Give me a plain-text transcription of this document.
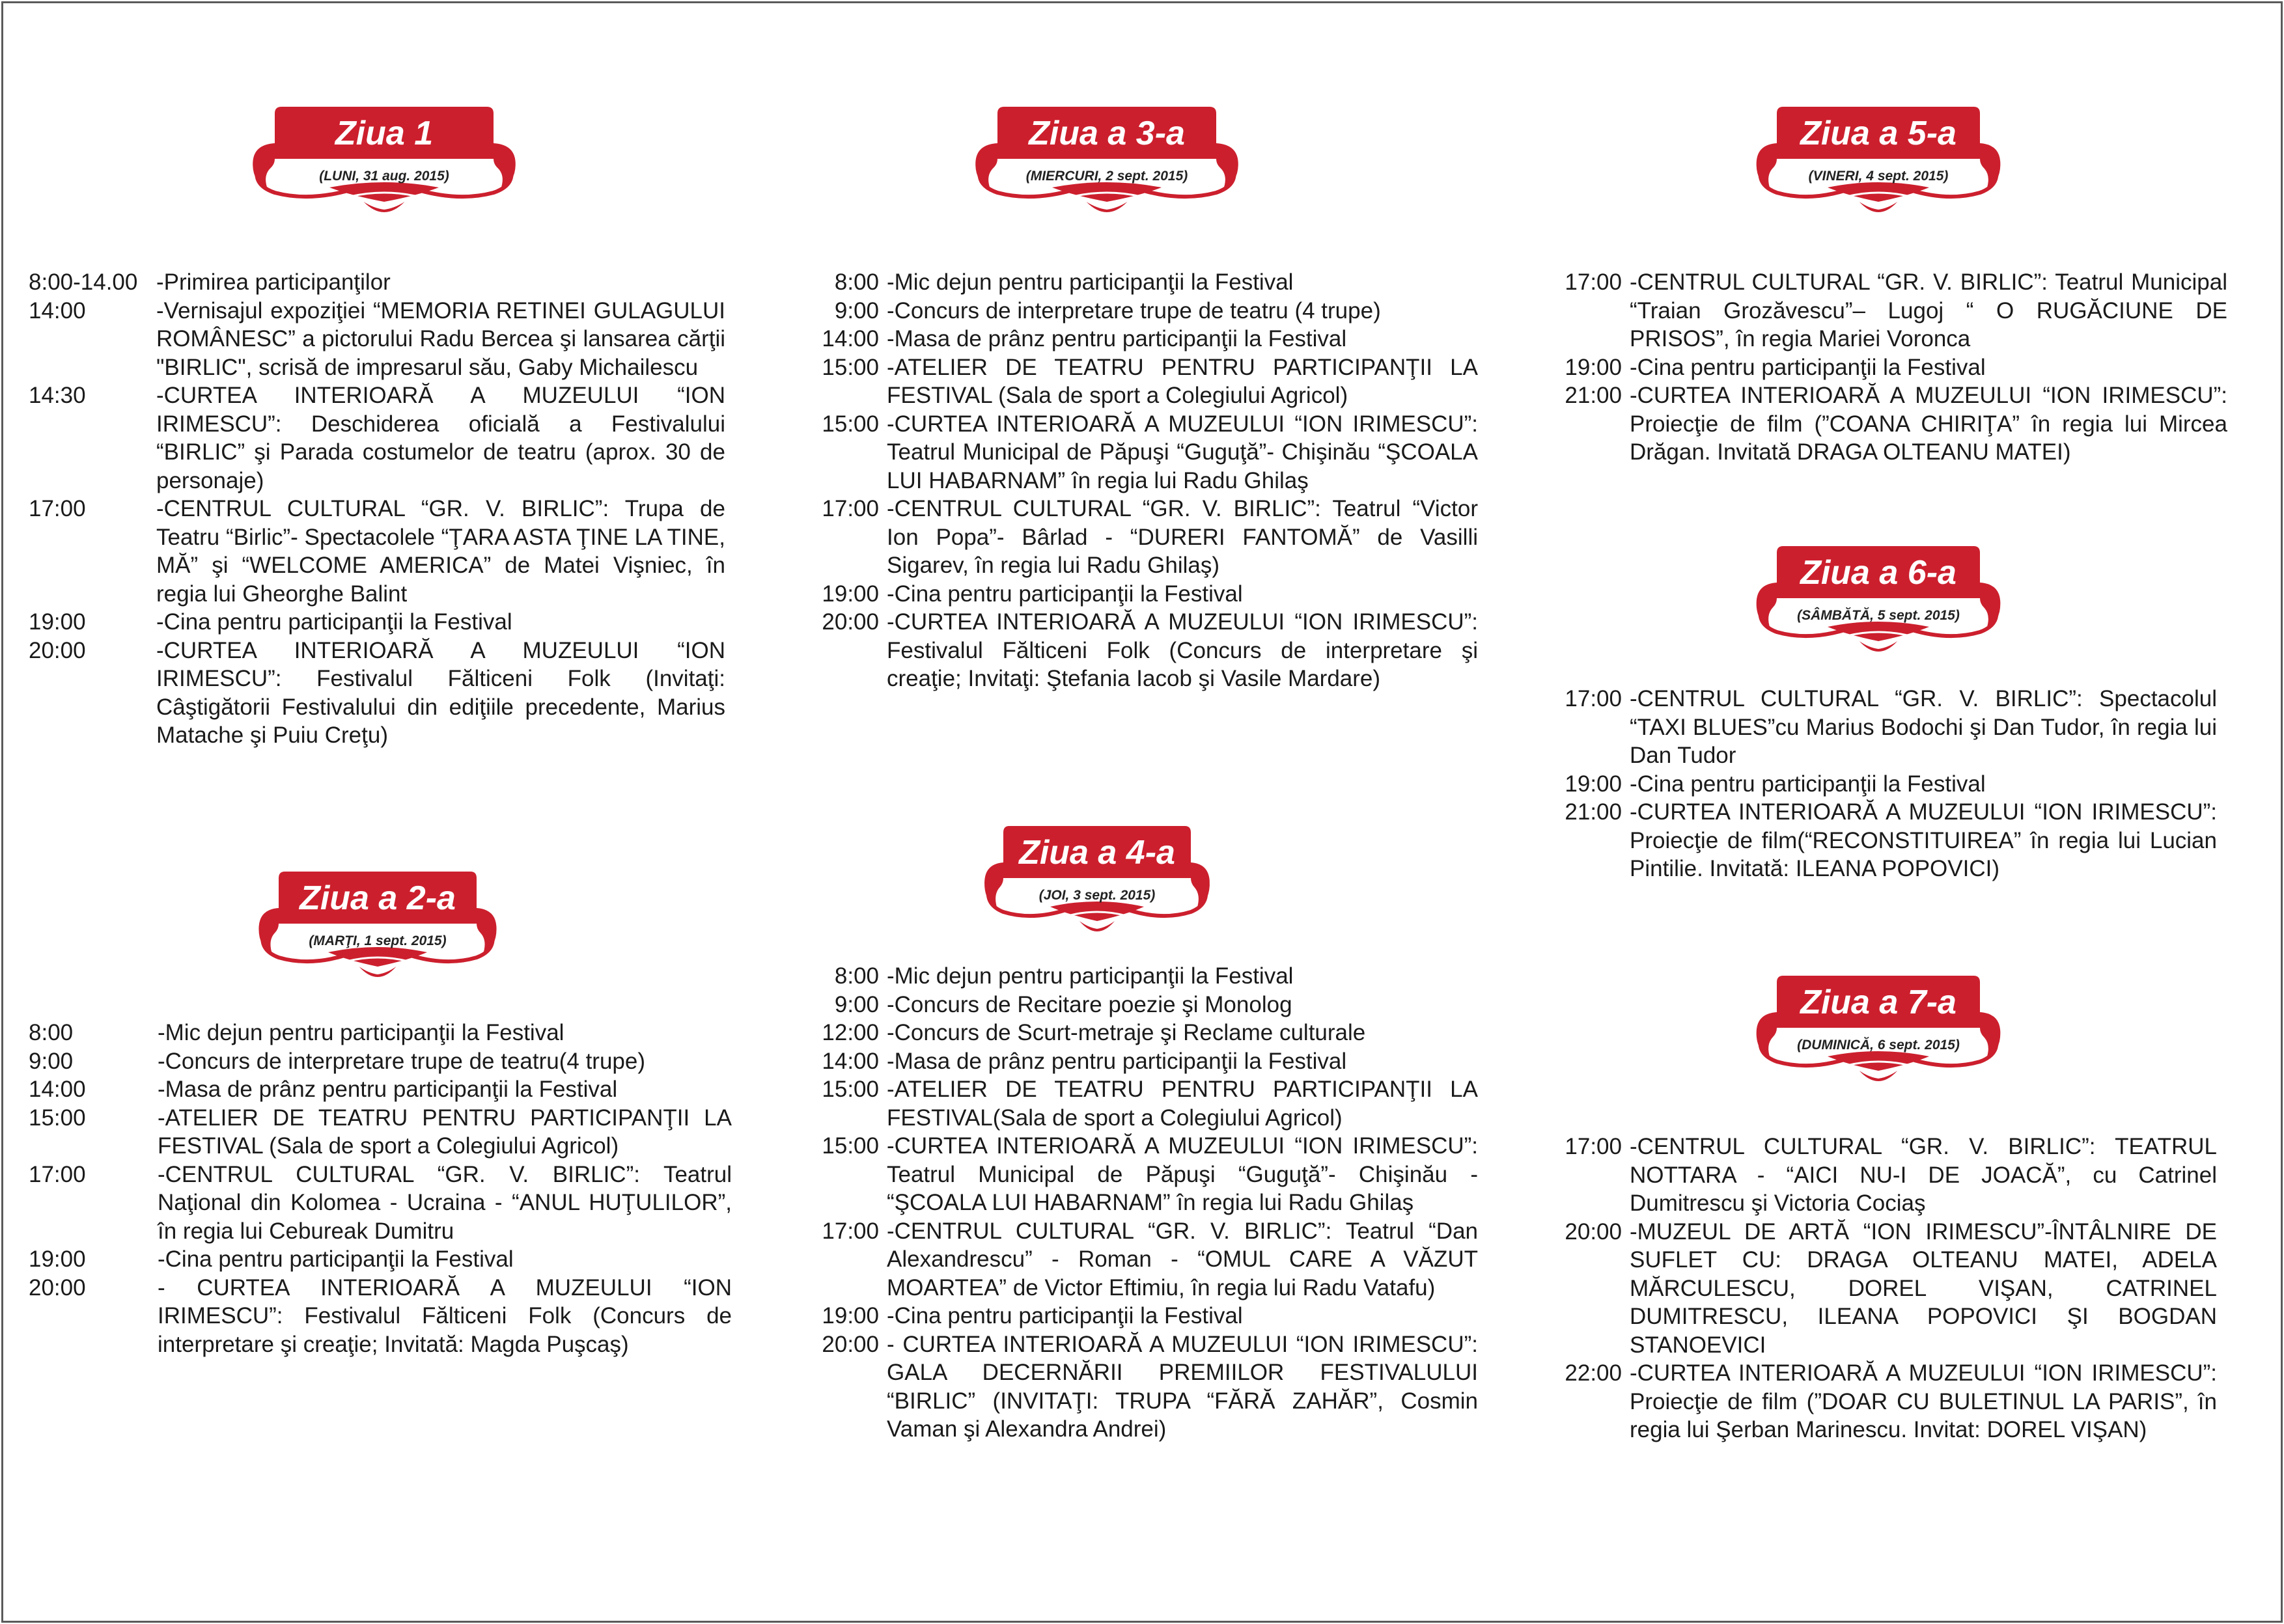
Ziua 1
(LUNI, 31 aug. 2015)
8:00-14.00 -Primirea participanţilor
14:00	-Vernisajul expoziţiei “MEMORIA RETINEI GULAGULUI ROMÂNESC” a pictorului Radu Bercea şi lansarea cărţii "BIRLIC", scrisă de impresarul său, Gaby Michailescu
14:30	-CURTEA INTERIOARĂ A MUZEULUI “ION IRIMESCU”: Deschiderea oficială a Festivalului “BIRLIC” şi Parada costumelor de teatru (aprox. 30 de personaje)
17:00	-CENTRUL CULTURAL “GR. V. BIRLIC”: Trupa de Teatru “Birlic”- Spectacolele “ŢARA ASTA ŢINE LA TINE, MĂ” şi “WELCOME AMERICA” de Matei Vişniec, în regia lui Gheorghe Balint
19:00	-Cina pentru participanţii la Festival
20:00	-CURTEA INTERIOARĂ A MUZEULUI “ION IRIMESCU”: Festivalul Fălticeni Folk (Invitaţi: Câştigătorii Festivalului din ediţiile precedente, Marius Matache şi Puiu Creţu)
Ziua a 2-a
(MARŢI, 1 sept. 2015)
8:00	-Mic dejun pentru participanţii la Festival
9:00	-Concurs de interpretare trupe de teatru(4 trupe)
14:00	-Masa de prânz pentru participanţii la Festival
15:00	-ATELIER DE TEATRU PENTRU PARTICIPANŢII LA FESTIVAL (Sala de sport a Colegiului Agricol)
17:00	-CENTRUL CULTURAL “GR. V. BIRLIC”: Teatrul Naţional din Kolomea - Ucraina - “ANUL HUŢULILOR”, în regia lui Cebureak Dumitru
19:00	-Cina pentru participanţii la Festival
20:00	- CURTEA INTERIOARĂ A MUZEULUI “ION IRIMESCU”: Festivalul Fălticeni Folk (Concurs de interpretare şi creaţie; Invitată: Magda Puşcaş)
Ziua a 3-a
(MIERCURI, 2 sept. 2015)
8:00 -Mic dejun pentru participanţii la Festival
9:00 -Concurs de interpretare trupe de teatru (4 trupe)
14:00 -Masa de prânz pentru participanţii la Festival
15:00 -ATELIER DE TEATRU PENTRU PARTICIPANŢII LA FESTIVAL (Sala de sport a Colegiului Agricol)
15:00 -CURTEA INTERIOARĂ A MUZEULUI “ION IRIMESCU”: Teatrul Municipal de Păpuşi “Guguţă”- Chişinău “ŞCOALA LUI HABARNAM” în regia lui Radu Ghilaş
17:00 -CENTRUL CULTURAL “GR. V. BIRLIC”: Teatrul “Victor Ion Popa”- Bârlad - “DURERI FANTOMĂ” de Vasilli Sigarev, în regia lui Radu Ghilaş)
19:00 -Cina pentru participanţii la Festival
20:00 -CURTEA INTERIOARĂ A MUZEULUI “ION IRIMESCU”: Festivalul Fălticeni Folk (Concurs de interpretare şi creaţie; Invitaţi: Ştefania Iacob şi Vasile Mardare)
Ziua a 4-a
(JOI, 3 sept. 2015)
8:00 -Mic dejun pentru participanţii la Festival
9:00 -Concurs de Recitare poezie şi Monolog
12:00 -Concurs de Scurt-metraje şi Reclame culturale
14:00 -Masa de prânz pentru participanţii la Festival
15:00 -ATELIER DE TEATRU PENTRU PARTICIPANŢII LA FESTIVAL(Sala de sport a Colegiului Agricol)
15:00 -CURTEA INTERIOARĂ A MUZEULUI “ION IRIMESCU”: Teatrul Municipal de Păpuşi “Guguţă”- Chişinău - “ŞCOALA LUI HABARNAM” în regia lui Radu Ghilaş
17:00 -CENTRUL CULTURAL “GR. V. BIRLIC”: Teatrul “Dan Alexandrescu” - Roman - “OMUL CARE A VĂZUT MOARTEA” de Victor Eftimiu, în regia lui Radu Vatafu)
19:00 -Cina pentru participanţii la Festival
20:00 - CURTEA INTERIOARĂ A MUZEULUI “ION IRIMESCU”: GALA DECERNĂRII PREMIILOR FESTIVALULUI “BIRLIC” (INVITAŢI: TRUPA “FĂRĂ ZAHĂR”, Cosmin Vaman şi Alexandra Andrei)
Ziua a 5-a
(VINERI, 4 sept. 2015)
17:00 -CENTRUL CULTURAL “GR. V. BIRLIC”: Teatrul Municipal “Traian Grozăvescu”– Lugoj “ O RUGĂCIUNE DE PRISOS”, în regia Mariei Voronca
19:00 -Cina pentru participanţii la Festival
21:00 -CURTEA INTERIOARĂ A MUZEULUI “ION IRIMESCU”: Proiecţie de film (”COANA CHIRIŢA” în regia lui Mircea Drăgan. Invitată DRAGA OLTEANU MATEI)
Ziua a 6-a
(SÂMBĂTĂ, 5 sept. 2015)
17:00 -CENTRUL CULTURAL “GR. V. BIRLIC”: Spectacolul “TAXI BLUES”cu Marius Bodochi şi Dan Tudor, în regia lui Dan Tudor
19:00 -Cina pentru participanţii la Festival
21:00 -CURTEA INTERIOARĂ A MUZEULUI “ION IRIMESCU”: Proiecţie de film(“RECONSTITUIREA” în regia lui Lucian Pintilie. Invitată: ILEANA POPOVICI)
Ziua a 7-a
(DUMINICĂ, 6 sept. 2015)
17:00 -CENTRUL CULTURAL “GR. V. BIRLIC”: TEATRUL NOTTARA - “AICI NU-I DE JOACĂ”, cu Catrinel Dumitrescu şi Victoria Cociaş
20:00 -MUZEUL DE ARTĂ “ION IRIMESCU”-ÎNTÂLNIRE DE SUFLET CU: DRAGA OLTEANU MATEI, ADELA MĂRCULESCU, DOREL VIŞAN, CATRINEL DUMITRESCU, ILEANA POPOVICI ŞI BOGDAN STANOEVICI
22:00 -CURTEA INTERIOARĂ A MUZEULUI “ION IRIMESCU”: Proiecţie de film (”DOAR CU BULETINUL LA PARIS”, în regia lui Şerban Marinescu. Invitat: DOREL VIŞAN)
